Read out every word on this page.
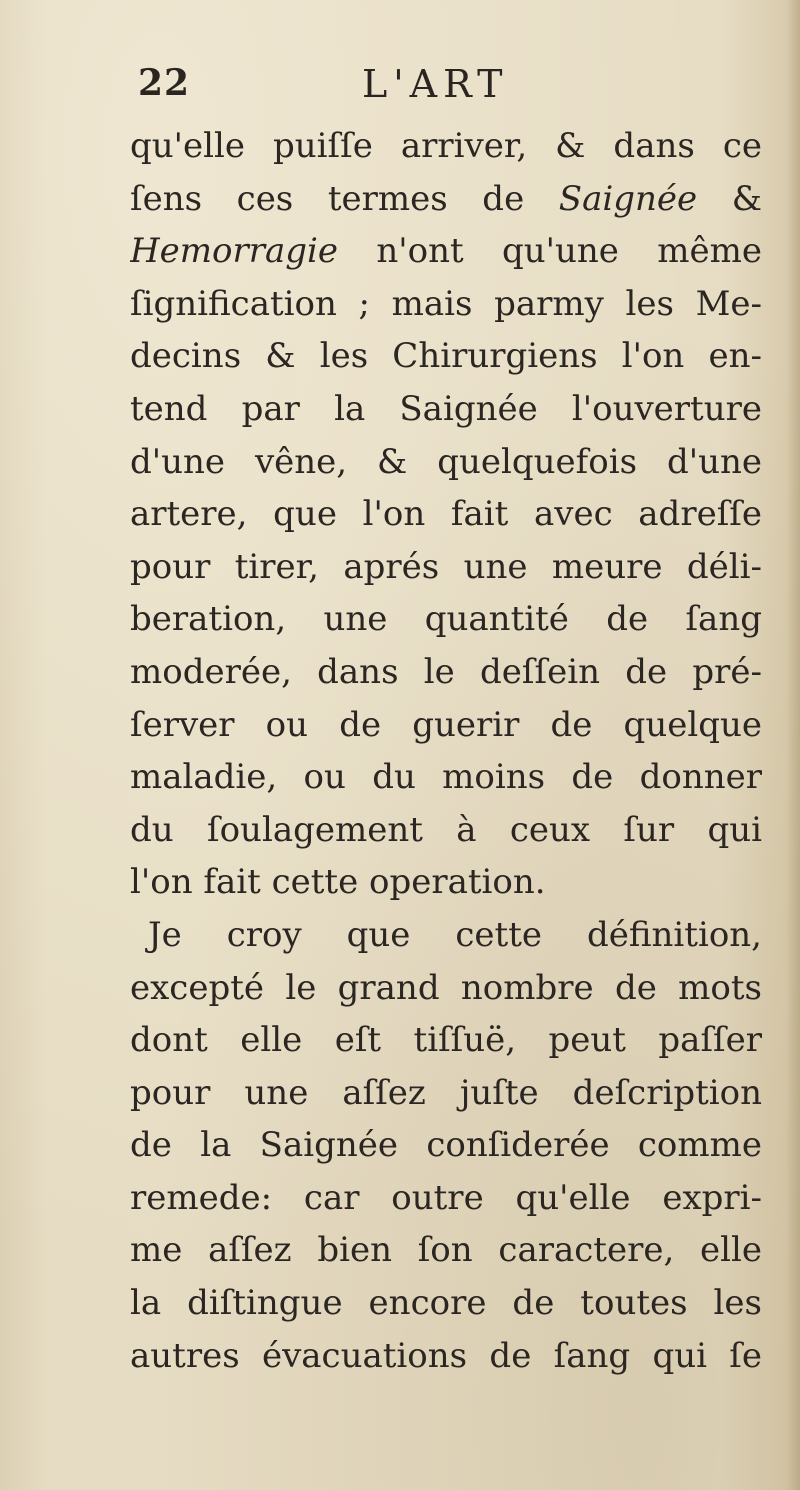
22	L'ART
qu'elle puiſſe arriver, & dans ce
ſens ces termes de Saignée &
Hemorragie n'ont qu'une même
ſignification ; mais parmy les Me-
decins & les Chirurgiens l'on en-
tend par la Saignée l'ouverture
d'une vêne, & quelquefois d'une
artere, que l'on fait avec adreſſe
pour tirer, aprés une meure déli-
beration, une quantité de ſang
moderée, dans le deſſein de pré-
ſerver ou de guerir de quelque
maladie, ou du moins de donner
du ſoulagement à ceux ſur qui
l'on fait cette operation.
Je croy que cette définition,
excepté le grand nombre de mots
dont elle eſt tiſſuë, peut paſſer
pour une aſſez juſte deſcription
de la Saignée conſiderée comme
remede: car outre qu'elle expri-
me aſſez bien ſon caractere, elle
la diſtingue encore de toutes les
autres évacuations de ſang qui ſe
